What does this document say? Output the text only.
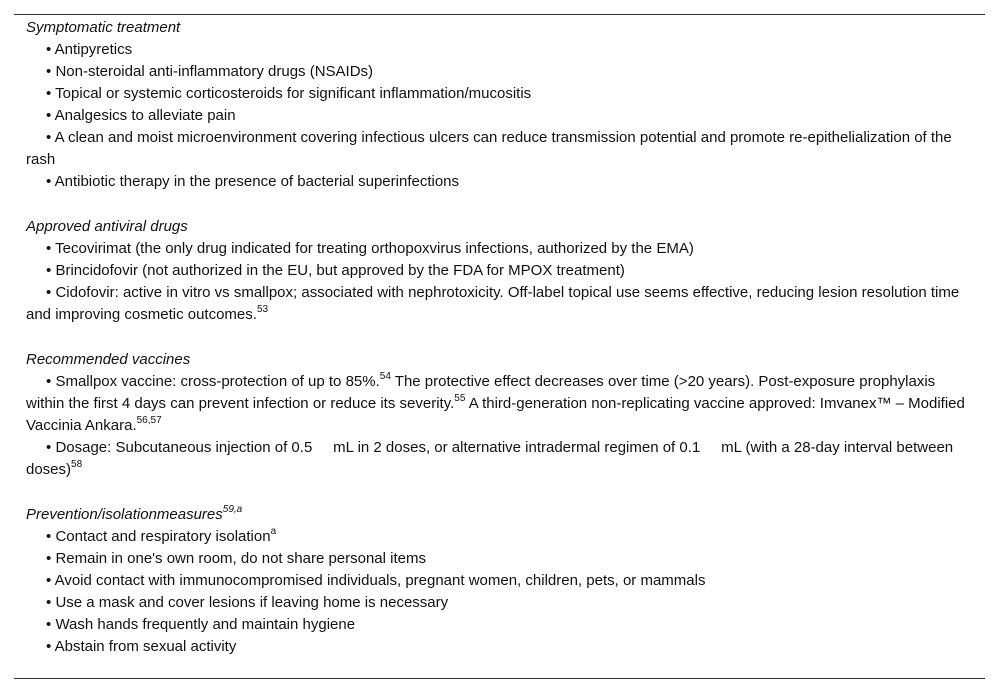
Symptomatic treatment

• Antipyretics

• Non-steroidal anti-inflammatory drugs (NSAIDs)

• Topical or systemic corticosteroids for significant inflammation/mucositis

• Analgesics to alleviate pain

• A clean and moist microenvironment covering infectious ulcers can reduce transmission potential and promote re-epithelialization of the rash

• Antibiotic therapy in the presence of bacterial superinfections

Approved antiviral drugs

• Tecovirimat (the only drug indicated for treating orthopoxvirus infections, authorized by the EMA)

• Brincidofovir (not authorized in the EU, but approved by the FDA for MPOX treatment)

• Cidofovir: active in vitro vs smallpox; associated with nephrotoxicity. Off-label topical use seems effective, reducing lesion resolution time and improving cosmetic outcomes.$^{53}$

Recommended vaccines

• Smallpox vaccine: cross-protection of up to 85%.$^{54}$ The protective effect decreases over time (>20 years). Post-exposure prophylaxis within the first 4 days can prevent infection or reduce its severity.$^{55}$ A third-generation non-replicating vaccine approved: Imvanex™ – Modified Vaccinia Ankara.$^{56,57}$

• Dosage: Subcutaneous injection of 0.5     mL in 2 doses, or alternative intradermal regimen of 0.1     mL (with a 28-day interval between doses)$^{58}$

Prevention/isolationmeasures$^{59,a}$

• Contact and respiratory isolation$^a$

• Remain in one's own room, do not share personal items

• Avoid contact with immunocompromised individuals, pregnant women, children, pets, or mammals

• Use a mask and cover lesions if leaving home is necessary

• Wash hands frequently and maintain hygiene

• Abstain from sexual activity
